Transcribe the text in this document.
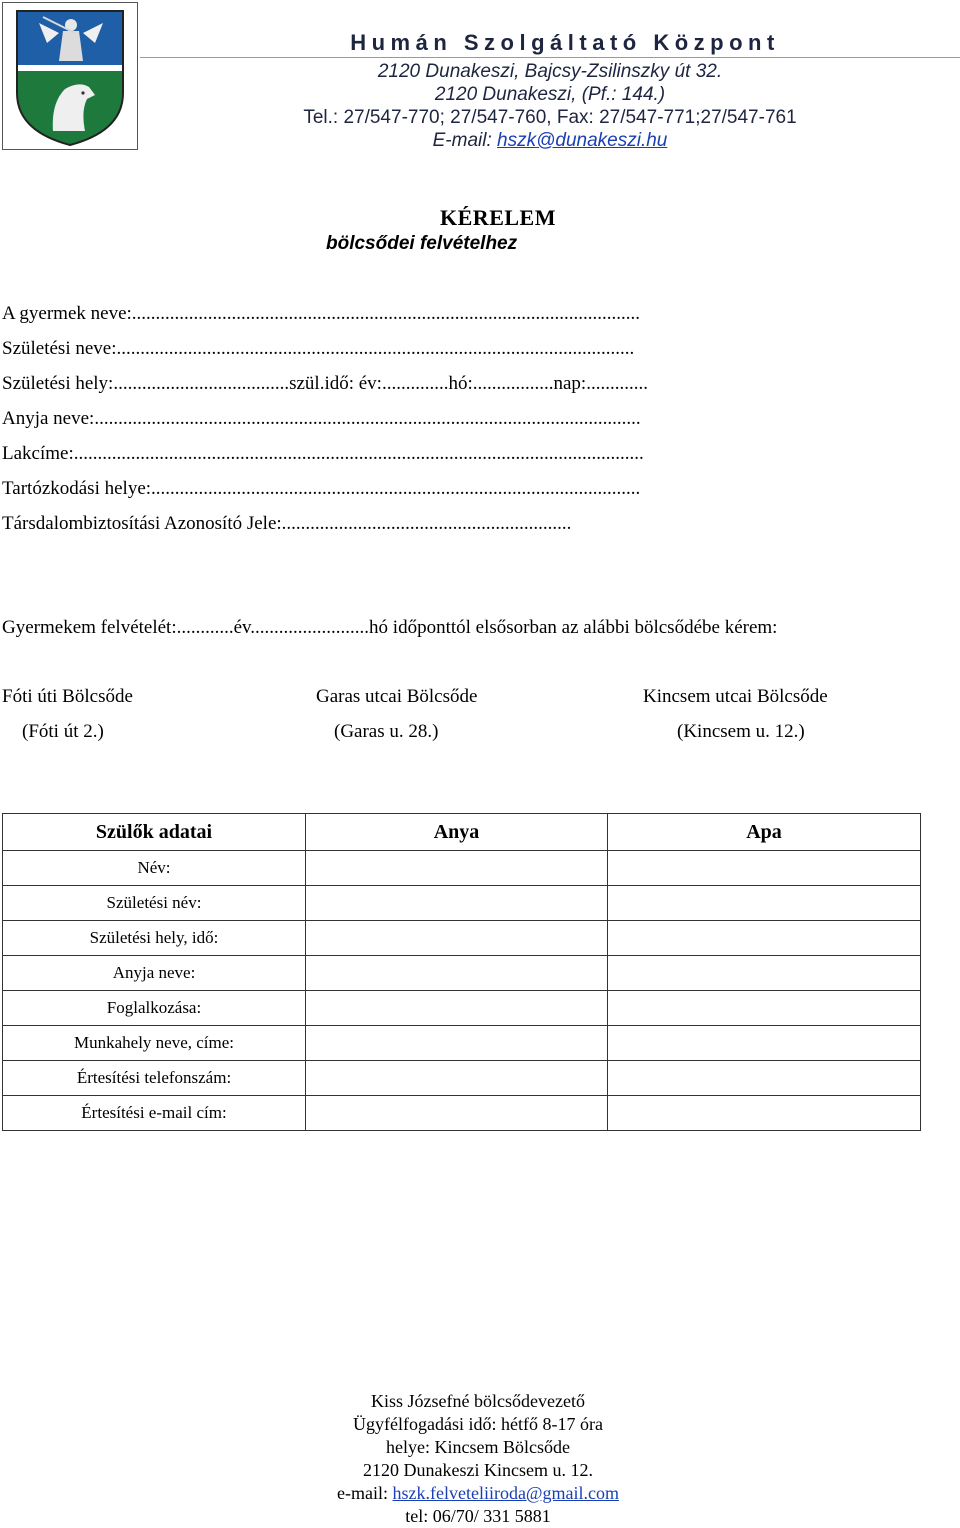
Humán Szolgáltató Központ
2120 Dunakeszi, Bajcsy-Zsilinszky út 32.
2120 Dunakeszi, (Pf.: 144.)
Tel.: 27/547-770; 27/547-760, Fax: 27/547-771;27/547-761
E-mail: hszk@dunakeszi.hu
KÉRELEM
bölcsődei felvételhez
A gyermek neve:...........................................................................................................
Születési neve:.............................................................................................................
Születési hely:.....................................szül.idő: év:..............hó:.................nap:.............
Anyja neve:...................................................................................................................
Lakcíme:........................................................................................................................
Tartózkodási helye:.......................................................................................................
Társdalombiztosítási Azonosító Jele:.............................................................
Gyermekem felvételét:............év.........................hó időponttól elsősorban az alábbi bölcsődébe kérem:
Fóti úti Bölcsőde
(Fóti út 2.)
Garas utcai Bölcsőde
(Garas u. 28.)
Kincsem utcai Bölcsőde
(Kincsem u. 12.)
Szülők adatai	Anya	Apa
Név:		
Születési név:		
Születési hely, idő:		
Anyja neve:		
Foglalkozása:		
Munkahely neve, címe:		
Értesítési telefonszám:		
Értesítési e-mail cím:		
Kiss Józsefné bölcsődevezető
Ügyfélfogadási idő: hétfő 8-17 óra
helye: Kincsem Bölcsőde
2120 Dunakeszi Kincsem u. 12.
e-mail: hszk.felveteliiroda@gmail.com
tel: 06/70/ 331 5881
